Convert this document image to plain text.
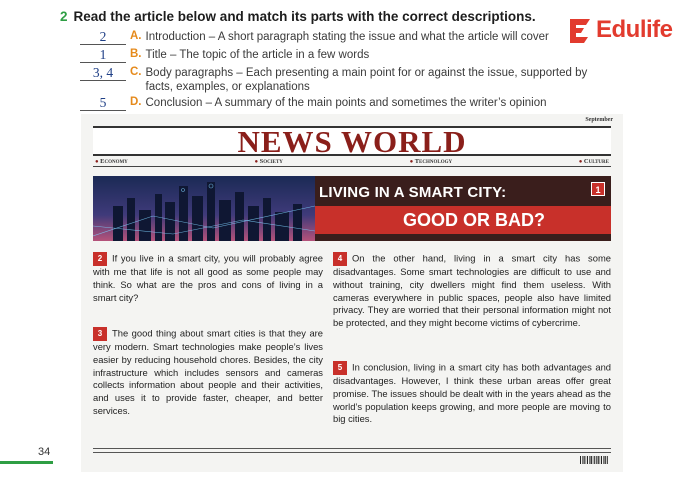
2 Read the article below and match its parts with the correct descriptions.	Edulife
2	A. Introduction – A short paragraph stating the issue and what the article will cover
1	B. Title – The topic of the article in a few words
3, 4	C. Body paragraphs – Each presenting a main point for or against the issue, supported by facts, examples, or explanations
5	D. Conclusion – A summary of the main points and sometimes the writer’s opinion
September
NEWS WORLD
● Economy	● Society	● Technology	● Culture
LIVING IN A SMART CITY:
GOOD OR BAD?
1
2 If you live in a smart city, you will probably agree with me that life is not all good as some people may think. So what are the pros and cons of living in a smart city?
3 The good thing about smart cities is that they are very modern. Smart technologies make people’s lives easier by reducing household chores. Besides, the city infrastructure which includes sensors and cameras collects information about people and their activities, and uses it to provide faster, cheaper, and better services.
4 On the other hand, living in a smart city has some disadvantages. Some smart technologies are difficult to use and without training, city dwellers might find them useless. With cameras everywhere in public spaces, people also have limited privacy. They are worried that their personal information might not be protected, and they might become victims of cybercrime.
5 In conclusion, living in a smart city has both advantages and disadvantages. However, I think these urban areas offer great promise. The issues should be dealt with in the years ahead as the world’s population keeps growing, and more people are moving to big cities.
34
